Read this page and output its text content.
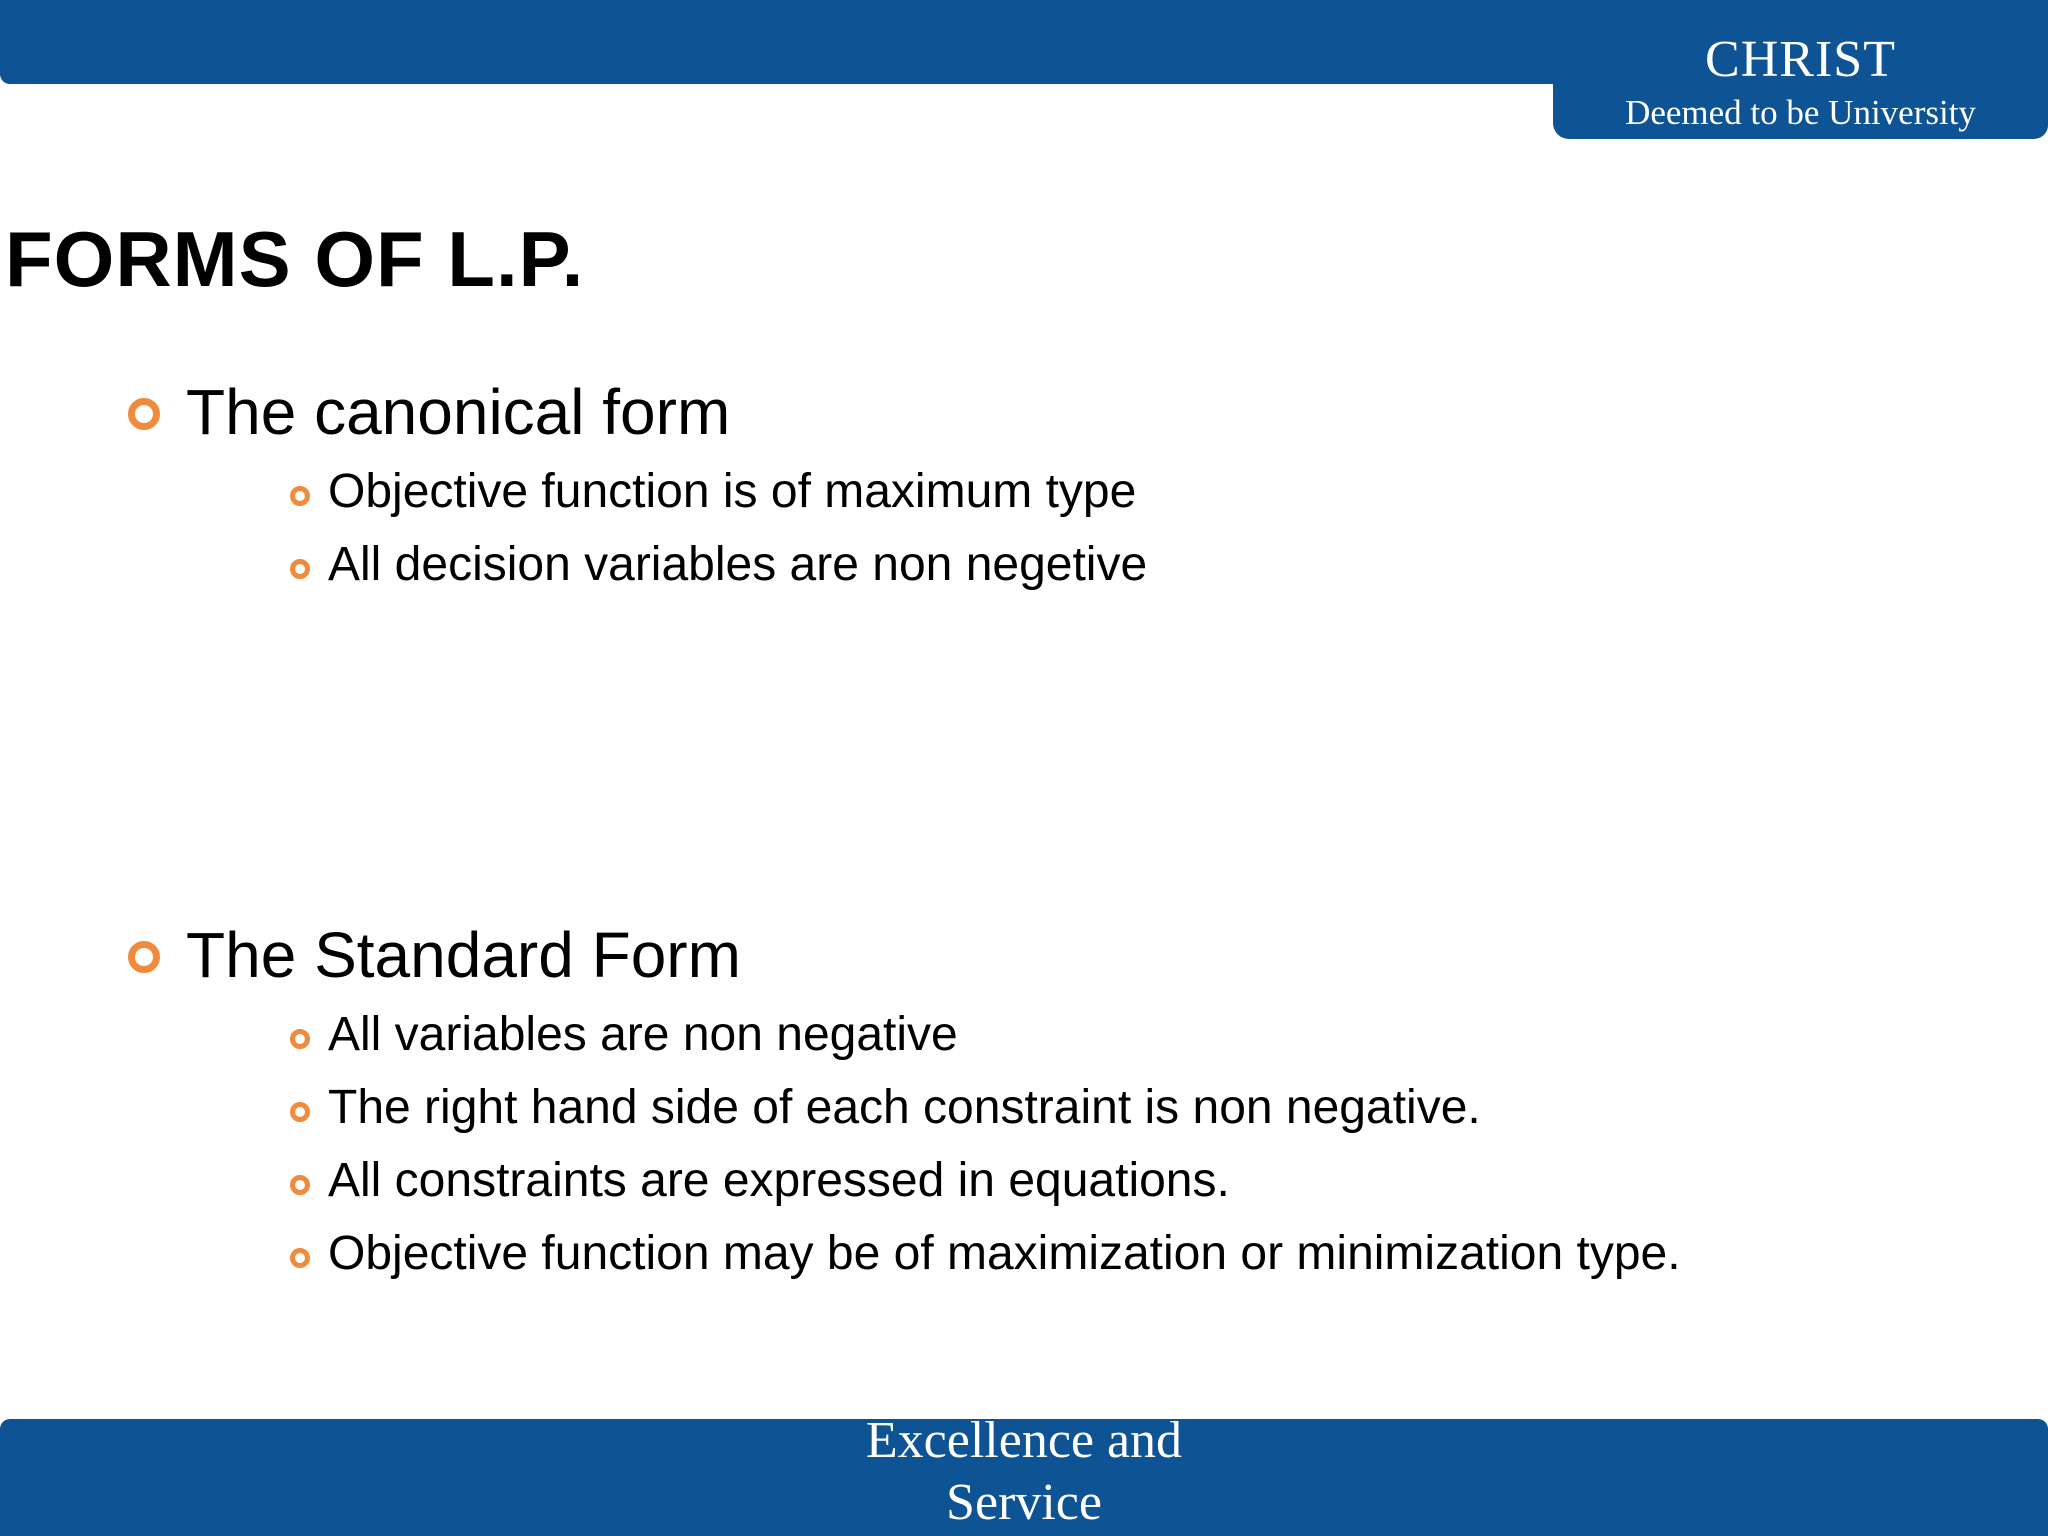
CHRIST
Deemed to be University
FORMS OF L.P.
The canonical form
Objective function is of maximum type
All decision variables are non negetive
The Standard Form
All variables are non negative
The right hand side of each constraint is non negative.
All constraints are expressed in equations.
Objective function may be of maximization or minimization type.
Excellence and
Service
